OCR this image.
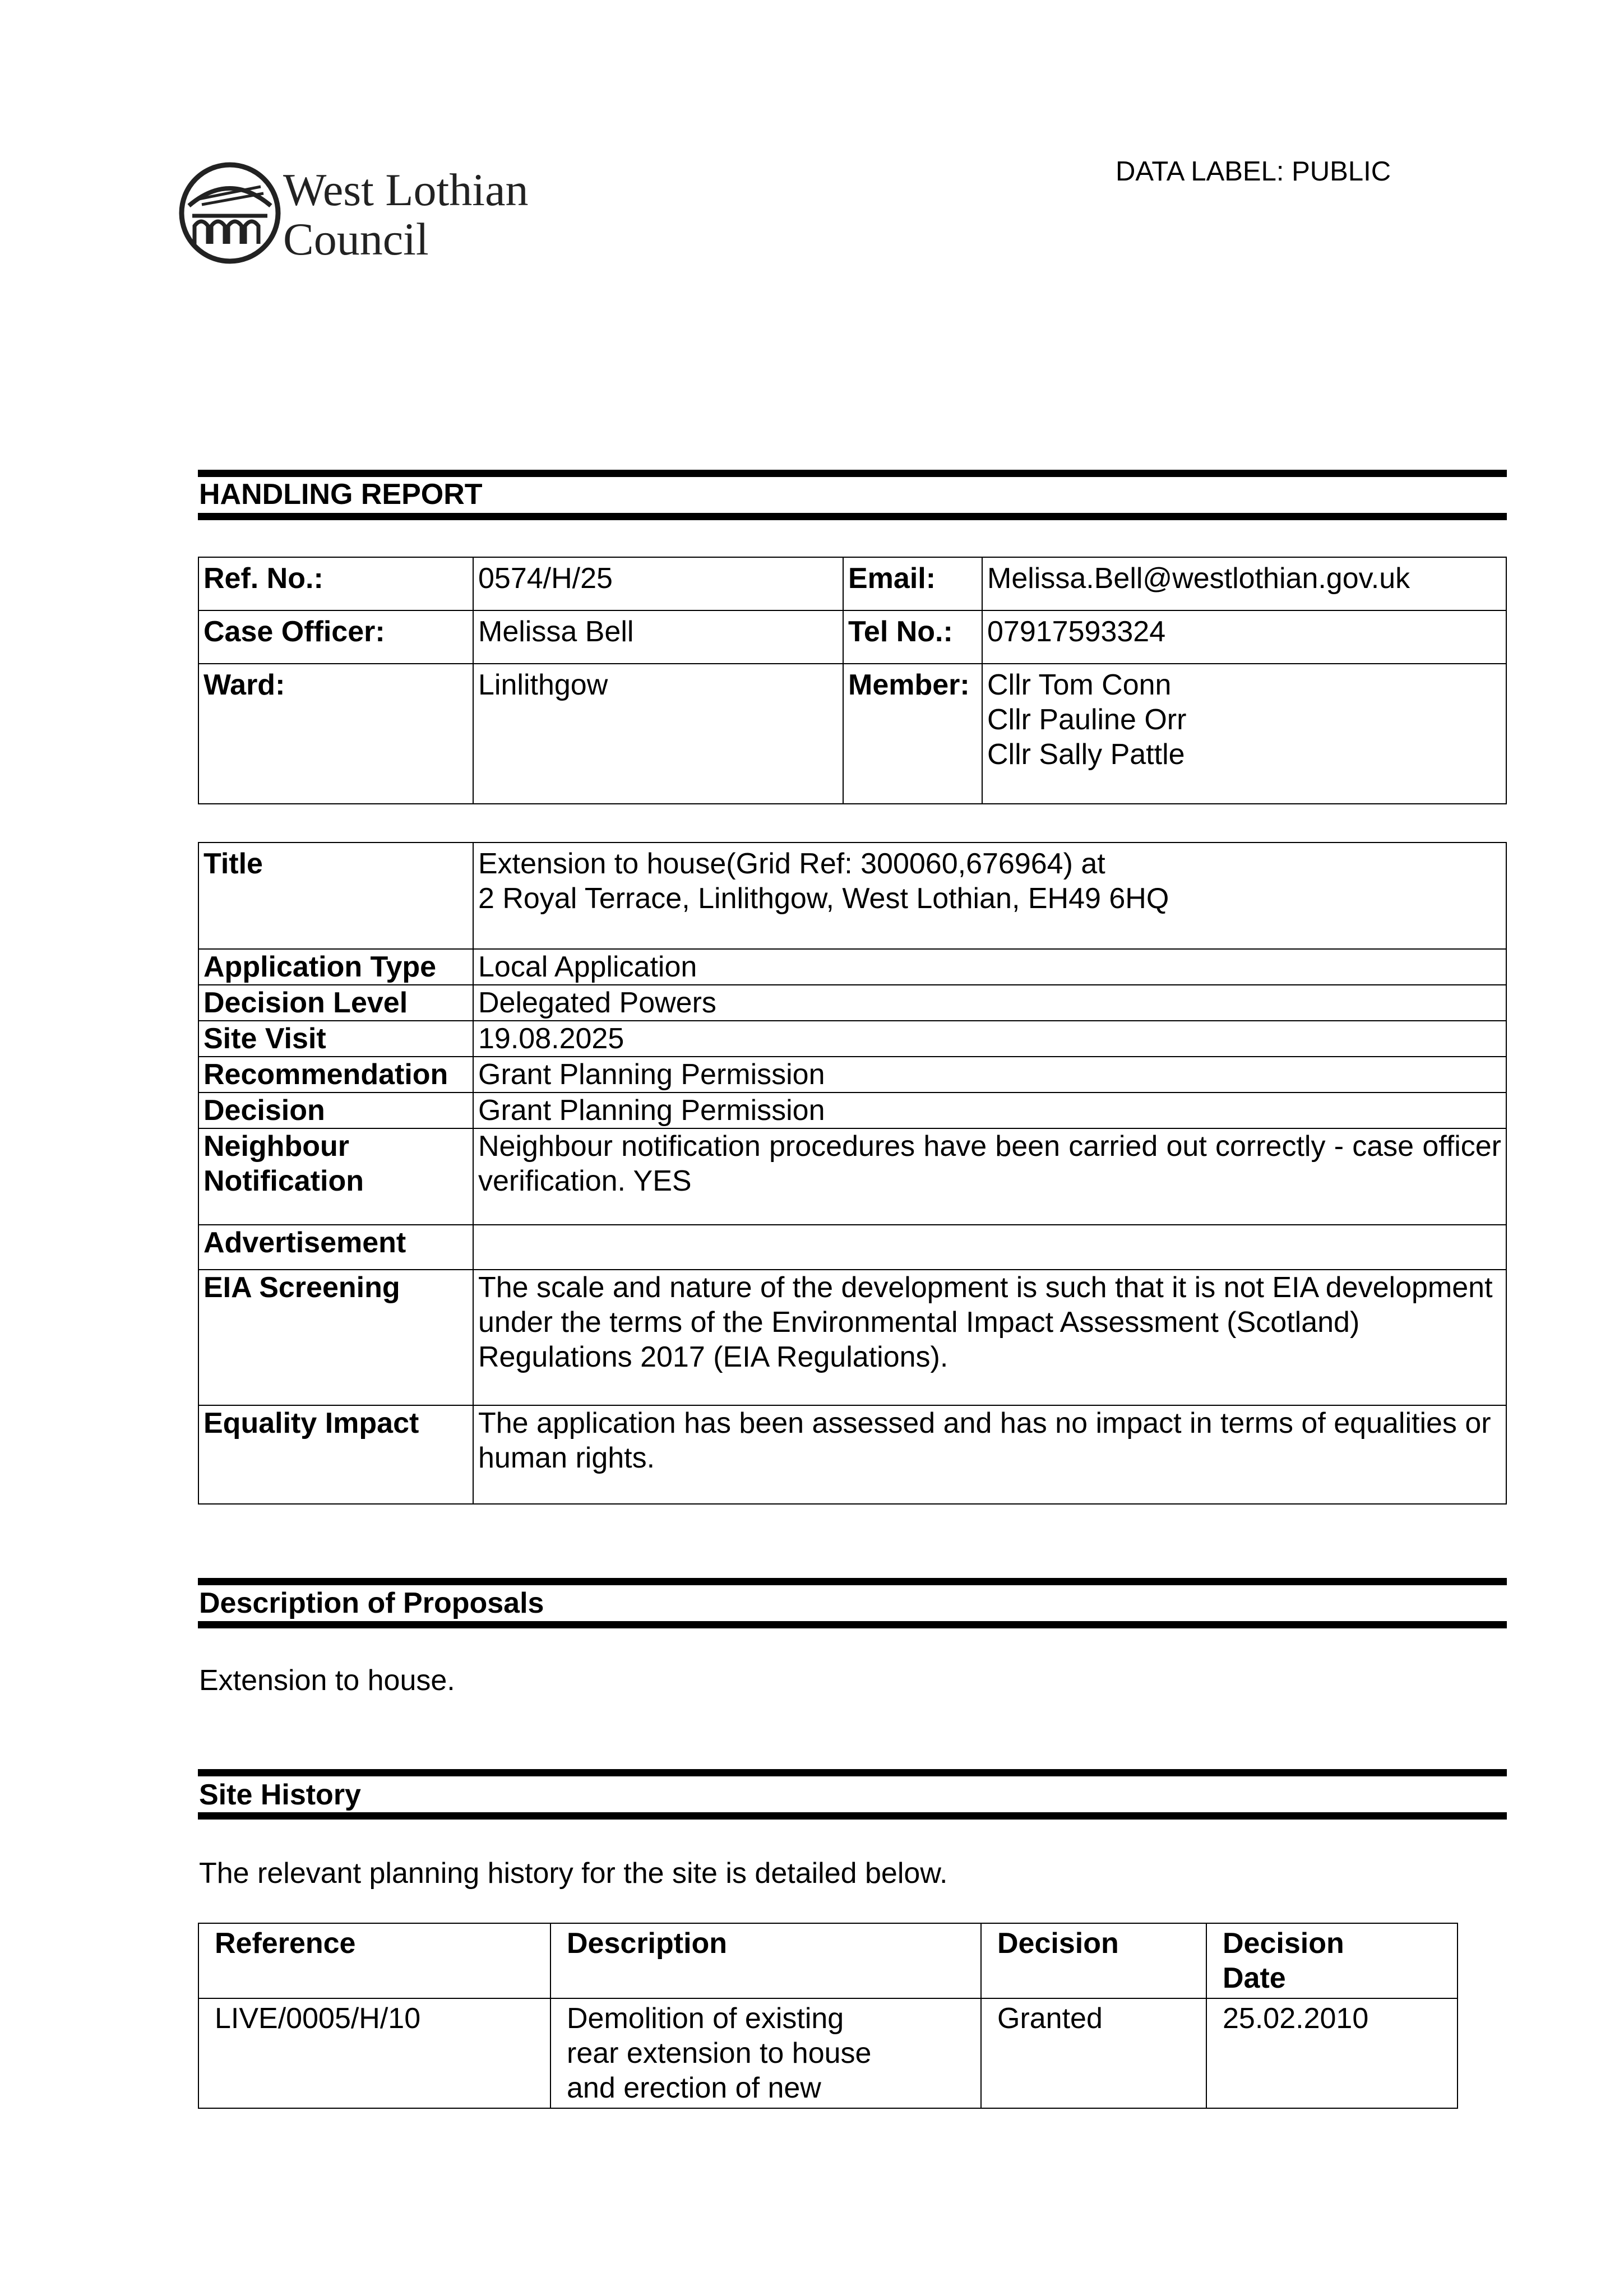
West Lothian
Council
DATA LABEL: PUBLIC
HANDLING REPORT
Ref. No.:	0574/H/25	Email:	Melissa.Bell@westlothian.gov.uk
Case Officer:	Melissa Bell	Tel No.:	07917593324
Ward:	Linlithgow	Member:	Cllr Tom Conn
Cllr Pauline Orr
Cllr Sally Pattle
Title	Extension to house(Grid Ref: 300060,676964) at
2 Royal Terrace, Linlithgow, West Lothian, EH49 6HQ

Application Type	Local Application
Decision Level	Delegated Powers
Site Visit	19.08.2025
Recommendation	Grant Planning Permission
Decision	Grant Planning Permission

Neighbour
Notification	Neighbour notification procedures have been carried out correctly - case officer verification. YES
Advertisement	
EIA Screening	The scale and nature of the development is such that it is not EIA development under the terms of the Environmental Impact Assessment (Scotland) Regulations 2017 (EIA Regulations).
Equality Impact	The application has been assessed and has no impact in terms of equalities or human rights.
Description of Proposals
Extension to house.
Site History
The relevant planning history for the site is detailed below.
Reference	Description	Decision	Decision Date
LIVE/0005/H/10	Demolition of existing rear extension to house and erection of new	Granted	25.02.2010
